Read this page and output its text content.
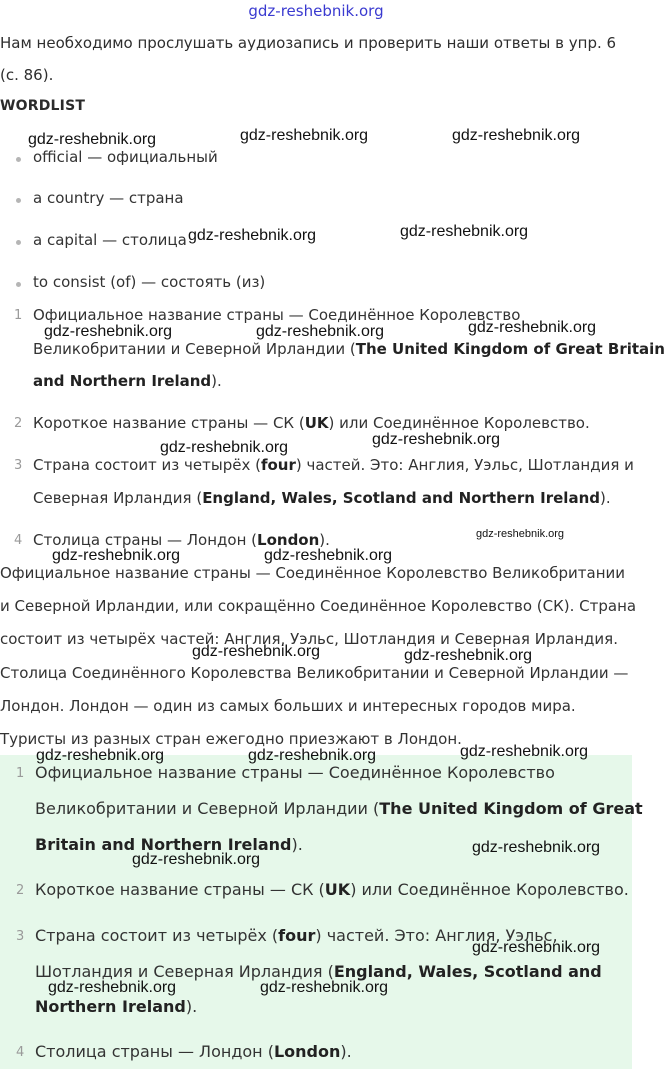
gdz-reshebnik.org
Нам необходимо прослушать аудиозапись и проверить наши ответы в упр. 6
(с. 86).
WORDLIST
official — официальный
a country — страна
a capital — столица
to consist (of) — состоять (из)
1 Официальное название страны — Соединённое Королевство
Великобритании и Северной Ирландии (The United Kingdom of Great Britain
and Northern Ireland).
2 Короткое название страны — СК (UK) или Соединённое Королевство.
3 Страна состоит из четырёх (four) частей. Это: Англия, Уэльс, Шотландия и
Северная Ирландия (England, Wales, Scotland and Northern Ireland).
4 Столица страны — Лондон (London).
Официальное название страны — Соединённое Королевство Великобритании
и Северной Ирландии, или сокращённо Соединённое Королевство (СК). Страна
состоит из четырёх частей: Англия, Уэльс, Шотландия и Северная Ирландия.
Столица Соединённого Королевства Великобритании и Северной Ирландии —
Лондон. Лондон — один из самых больших и интересных городов мира.
Туристы из разных стран ежегодно приезжают в Лондон.
1 Официальное название страны — Соединённое Королевство
Великобритании и Северной Ирландии (The United Kingdom of Great
Britain and Northern Ireland).
2 Короткое название страны — СК (UK) или Соединённое Королевство.
3 Страна состоит из четырёх (four) частей. Это: Англия, Уэльс,
Шотландия и Северная Ирландия (England, Wales, Scotland and
Northern Ireland).
4 Столица страны — Лондон (London).
gdz-reshebnik.org	gdz-reshebnik.org	gdz-reshebnik.org
gdz-reshebnik.org	gdz-reshebnik.org
gdz-reshebnik.org	gdz-reshebnik.org	gdz-reshebnik.org
gdz-reshebnik.org	gdz-reshebnik.org
gdz-reshebnik.org
gdz-reshebnik.org	gdz-reshebnik.org
gdz-reshebnik.org	gdz-reshebnik.org
gdz-reshebnik.org	gdz-reshebnik.org	gdz-reshebnik.org
gdz-reshebnik.org
gdz-reshebnik.org
gdz-reshebnik.org
gdz-reshebnik.org	gdz-reshebnik.org
